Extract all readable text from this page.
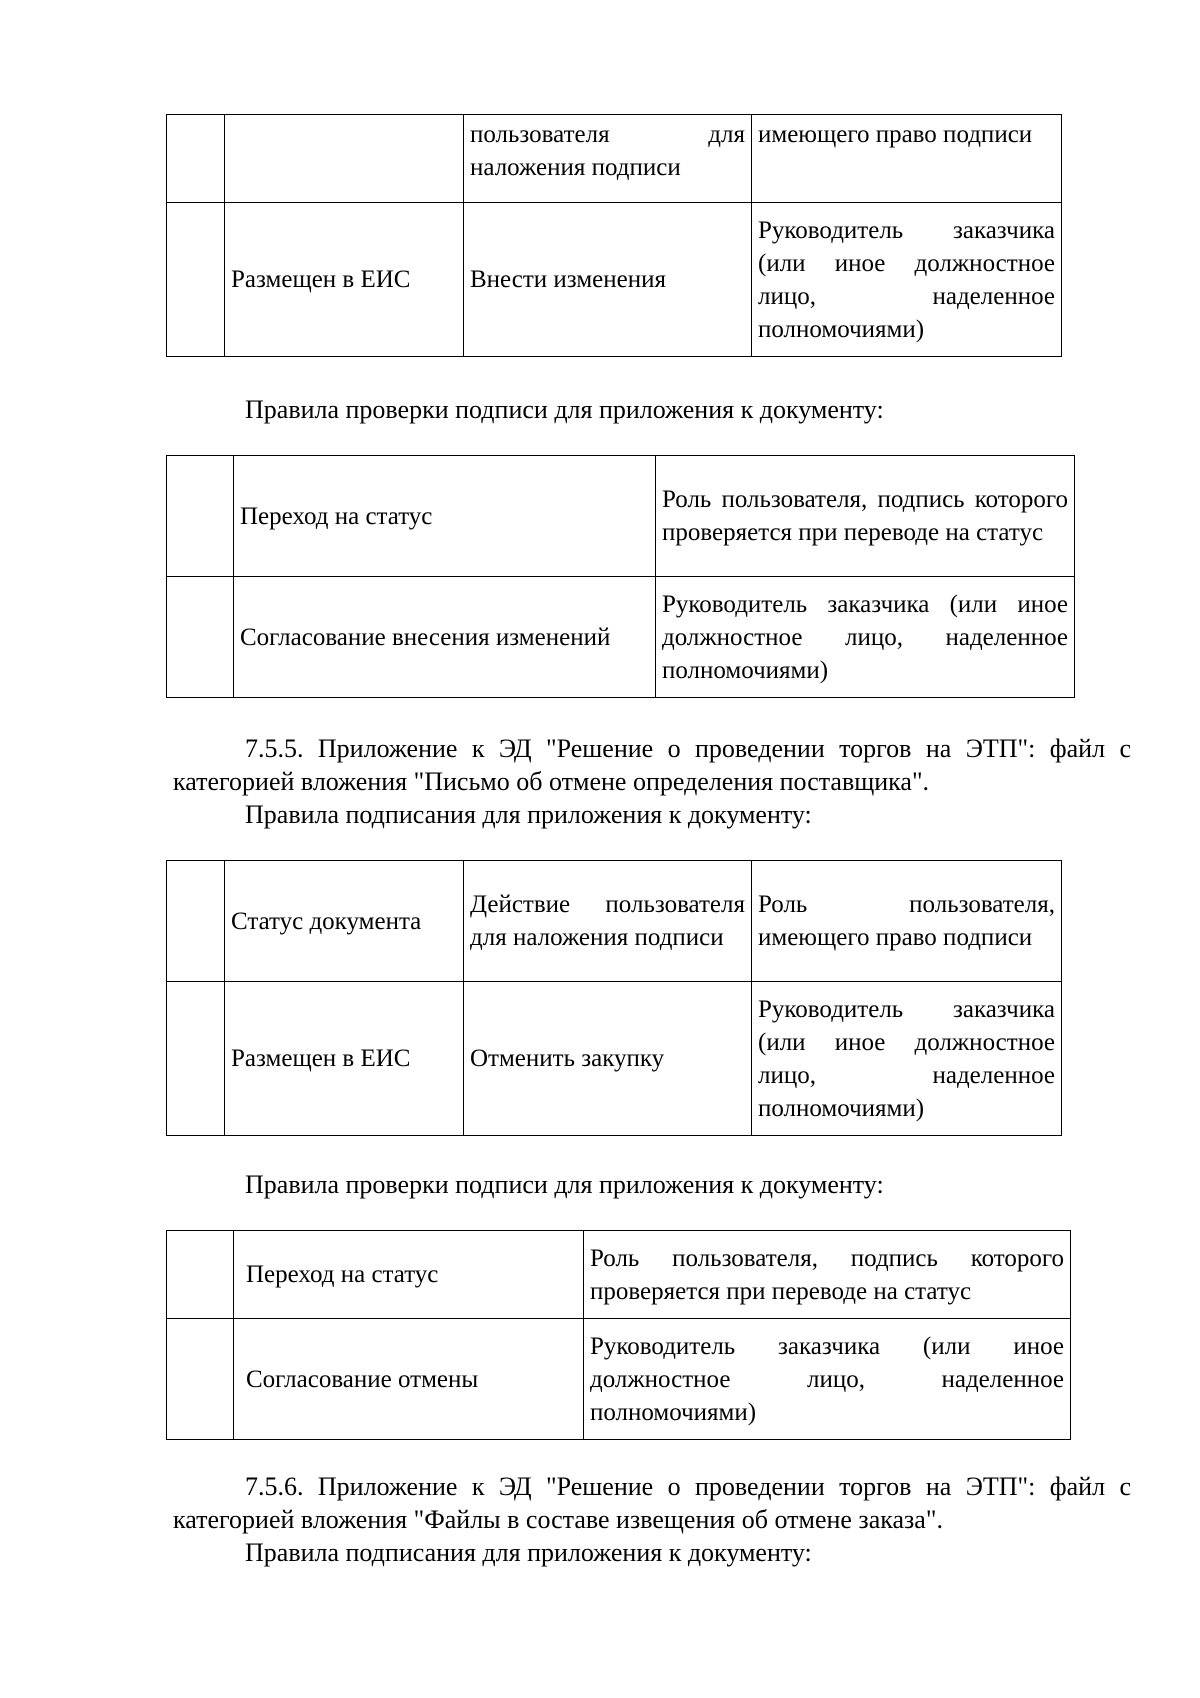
		пользователя для наложения подписи	имеющего право подписи
	Размещен в ЕИС	Внести изменения	Руководитель заказчика (или иное должностное лицо, наделенное полномочиями)
Правила проверки подписи для приложения к документу:
	Переход на статус	Роль пользователя, подпись которого проверяется при переводе на статус
	Согласование внесения изменений	Руководитель заказчика (или иное должностное лицо, наделенное полномочиями)
7.5.5. Приложение к ЭД "Решение о проведении торгов на ЭТП": файл с категорией вложения "Письмо об отмене определения поставщика".
Правила подписания для приложения к документу:
	Статус документа	Действие пользователя для наложения подписи	Роль пользователя, имеющего право подписи
	Размещен в ЕИС	Отменить закупку	Руководитель заказчика (или иное должностное лицо, наделенное полномочиями)
Правила проверки подписи для приложения к документу:
	Переход на статус	Роль пользователя, подпись которого проверяется при переводе на статус
	Согласование отмены	Руководитель заказчика (или иное должностное лицо, наделенное полномочиями)
7.5.6. Приложение к ЭД "Решение о проведении торгов на ЭТП": файл с категорией вложения "Файлы в составе извещения об отмене заказа".
Правила подписания для приложения к документу:
